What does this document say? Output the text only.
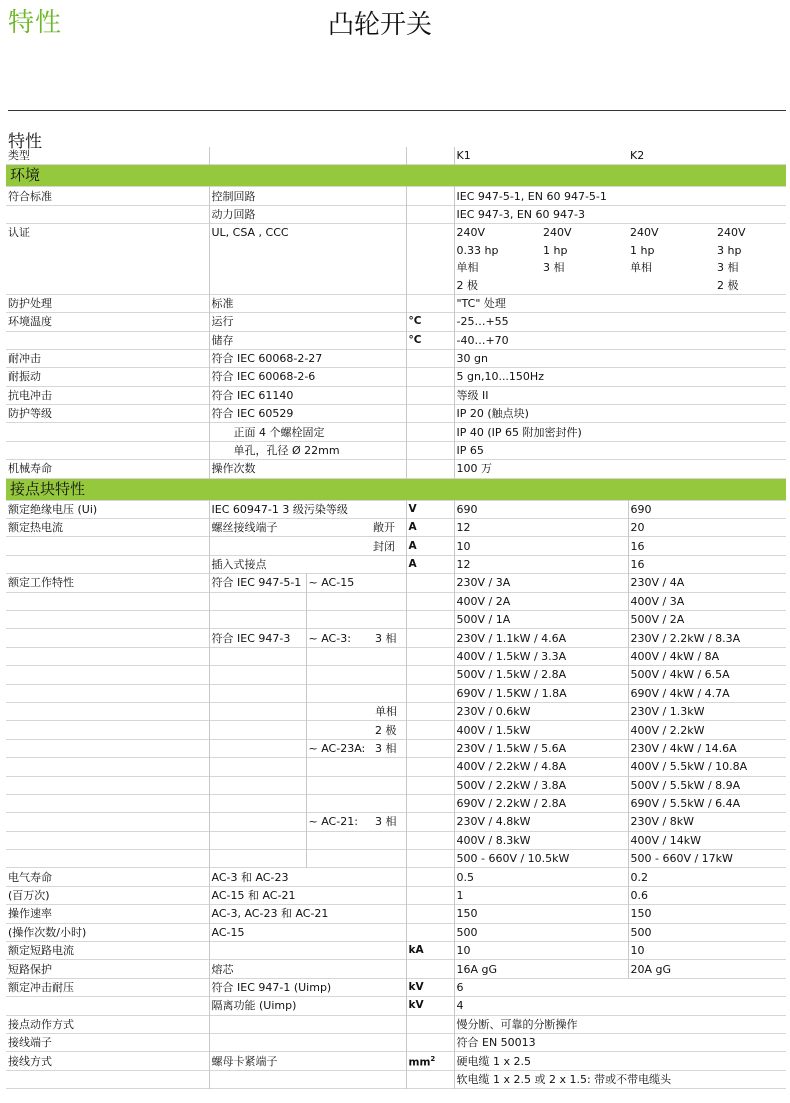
特性	凸轮开关
特性
类型					K1		K2	
环境								
符合标准	控制回路				IEC 947-5-1, EN 60 947-5-1			
	动力回路				IEC 947-3, EN 60 947-3			
认证	UL, CSA , CCC				240V	240V	240V	240V
					0.33 hp	1 hp	1 hp	3 hp
					单相	3 相	单相	3 相
					2 极			2 极
防护处理	标准				"TC" 处理			
环境温度	运行			°C	-25…+55			
	储存			°C	-40…+70			
耐冲击	符合 IEC 60068-2-27				30 gn			
耐振动	符合 IEC 60068-2-6				5 gn,10...150Hz			
抗电冲击	符合 IEC 61140				等级 II			
防护等级	符合 IEC 60529				IP 20 (触点块)			
	正面 4 个螺栓固定				IP 40 (IP 65 附加密封件)			
	单孔，孔径 Ø 22mm				IP 65			
机械寿命	操作次数				100 万			
接点块特性								
额定绝缘电压 (Ui)	IEC 60947-1 3 级污染等级			V	690		690	
额定热电流	螺丝接线端子		敞开	A	12		20	
			封闭	A	10		16	
	插入式接点			A	12		16	
额定工作特性	符合 IEC 947-5-1	~ AC-15			230V / 3A		230V / 4A	
					400V / 2A		400V / 3A	
					500V / 1A		500V / 2A	
	符合 IEC 947-3	~ AC-3:	3 相		230V / 1.1kW / 4.6A		230V / 2.2kW / 8.3A	
					400V / 1.5kW / 3.3A		400V / 4kW / 8A	
					500V / 1.5kW / 2.8A		500V / 4kW / 6.5A	
					690V / 1.5KW / 1.8A		690V / 4kW / 4.7A	
			单相		230V / 0.6kW		230V / 1.3kW	
			2 极		400V / 1.5kW		400V / 2.2kW	
		~ AC-23A:	3 相		230V / 1.5kW / 5.6A		230V / 4kW / 14.6A	
					400V / 2.2kW / 4.8A		400V / 5.5kW / 10.8A	
					500V / 2.2kW / 3.8A		500V / 5.5kW / 8.9A	
					690V / 2.2kW / 2.8A		690V / 5.5kW / 6.4A	
		~ AC-21:	3 相		230V / 4.8kW		230V / 8kW	
					400V / 8.3kW		400V / 14kW	
					500 - 660V / 10.5kW		500 - 660V / 17kW	
电气寿命	AC-3 和 AC-23				0.5		0.2	
(百万次)	AC-15 和 AC-21				1		0.6	
操作速率	AC-3, AC-23 和 AC-21				150		150	
(操作次数/小时)	AC-15				500		500	
额定短路电流				kA	10		10	
短路保护	熔芯				16A gG		20A gG	
额定冲击耐压	符合 IEC 947-1 (Uimp)			kV	6			
	隔离功能 (Uimp)			kV	4			
接点动作方式					慢分断、可靠的分断操作			
接线端子					符合 EN 50013			
接线方式	螺母卡紧端子			$mm^2$	硬电缆 1 x 2.5			
					软电缆 1 x 2.5 或 2 x 1.5: 带或不带电缆头			
